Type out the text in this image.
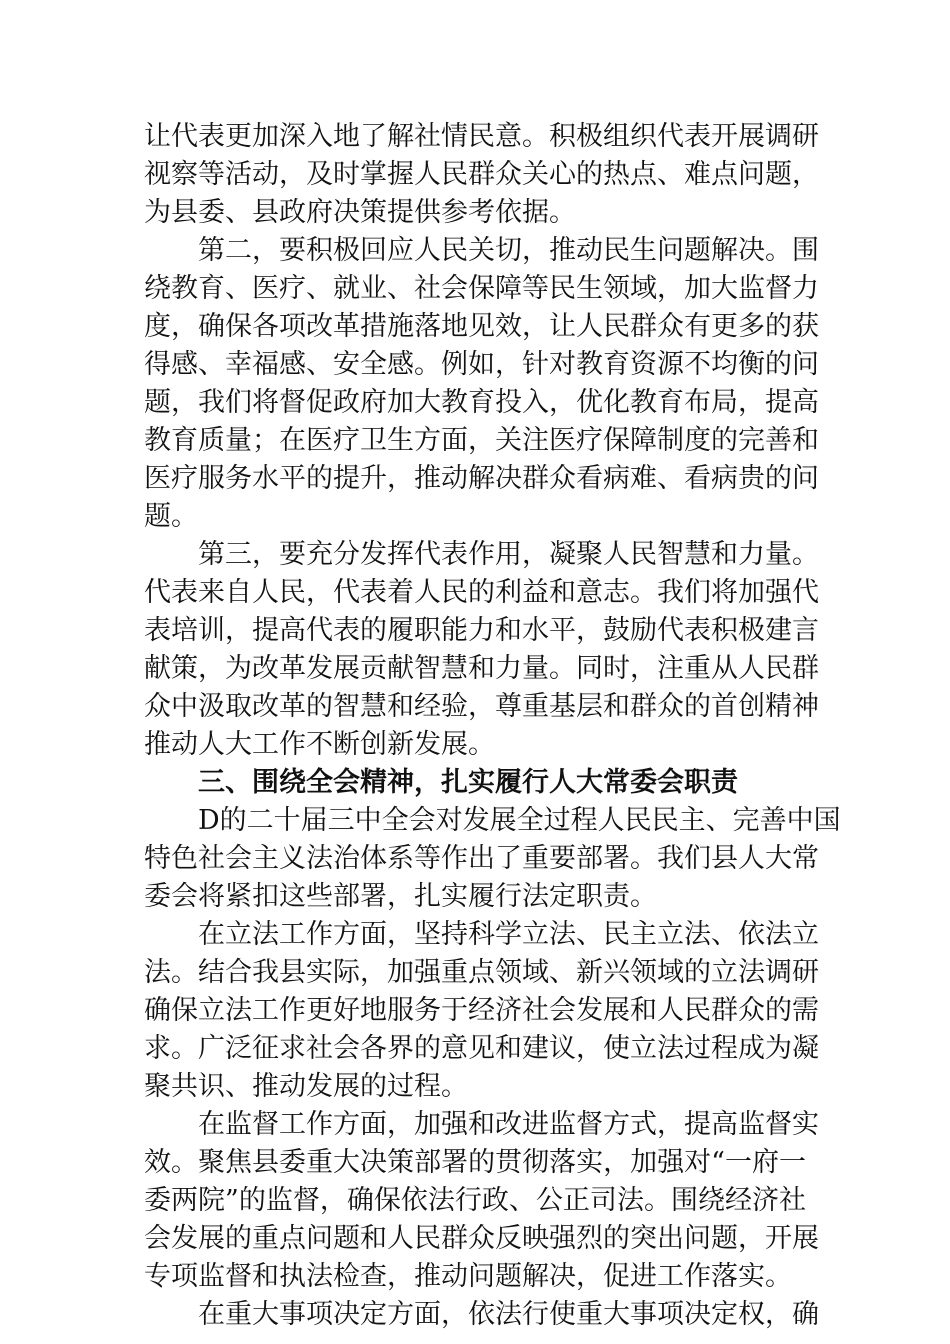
让代表更加深入地了解社情民意。积极组织代表开展调研
视察等活动，及时掌握人民群众关心的热点、难点问题，
为县委、县政府决策提供参考依据。
第二，要积极回应人民关切，推动民生问题解决。围
绕教育、医疗、就业、社会保障等民生领域，加大监督力
度，确保各项改革措施落地见效，让人民群众有更多的获
得感、幸福感、安全感。例如，针对教育资源不均衡的问
题，我们将督促政府加大教育投入，优化教育布局，提高
教育质量；在医疗卫生方面，关注医疗保障制度的完善和
医疗服务水平的提升，推动解决群众看病难、看病贵的问
题。
第三，要充分发挥代表作用，凝聚人民智慧和力量。
代表来自人民，代表着人民的利益和意志。我们将加强代
表培训，提高代表的履职能力和水平，鼓励代表积极建言
献策，为改革发展贡献智慧和力量。同时，注重从人民群
众中汲取改革的智慧和经验，尊重基层和群众的首创精神
推动人大工作不断创新发展。
三、围绕全会精神，扎实履行人大常委会职责
D的二十届三中全会对发展全过程人民民主、完善中国
特色社会主义法治体系等作出了重要部署。我们县人大常
委会将紧扣这些部署，扎实履行法定职责。
在立法工作方面，坚持科学立法、民主立法、依法立
法。结合我县实际，加强重点领域、新兴领域的立法调研
确保立法工作更好地服务于经济社会发展和人民群众的需
求。广泛征求社会各界的意见和建议，使立法过程成为凝
聚共识、推动发展的过程。
在监督工作方面，加强和改进监督方式，提高监督实
效。聚焦县委重大决策部署的贯彻落实，加强对“一府一
委两院”的监督，确保依法行政、公正司法。围绕经济社
会发展的重点问题和人民群众反映强烈的突出问题，开展
专项监督和执法检查，推动问题解决，促进工作落实。
在重大事项决定方面，依法行使重大事项决定权，确
